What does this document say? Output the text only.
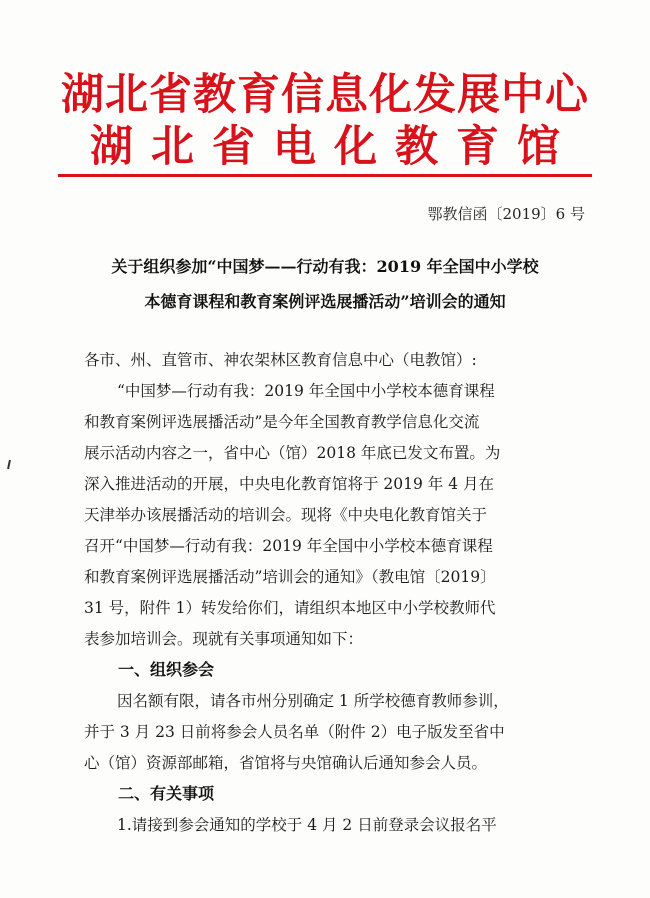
湖北省教育信息化发展中心
湖北省电化教育馆
鄂教信函〔2019〕6 号
关于组织参加“中国梦——行动有我：2019 年全国中小学校
本德育课程和教育案例评选展播活动”培训会的通知
各市、州、直管市、神农架林区教育信息中心（电教馆）:
“中国梦—行动有我：2019 年全国中小学校本德育课程
和教育案例评选展播活动”是今年全国教育教学信息化交流
展示活动内容之一，省中心（馆）2018 年底已发文布置。为
深入推进活动的开展，中央电化教育馆将于 2019 年 4 月在
天津举办该展播活动的培训会。现将《中央电化教育馆关于
召开“中国梦—行动有我：2019 年全国中小学校本德育课程
和教育案例评选展播活动”培训会的通知》（教电馆〔2019〕
31 号，附件 1）转发给你们，请组织本地区中小学校教师代
表参加培训会。现就有关事项通知如下：
一、组织参会
因名额有限，请各市州分别确定 1 所学校德育教师参训，
并于 3 月 23 日前将参会人员名单（附件 2）电子版发至省中
心（馆）资源部邮箱，省馆将与央馆确认后通知参会人员。
二、有关事项
1.请接到参会通知的学校于 4 月 2 日前登录会议报名平
